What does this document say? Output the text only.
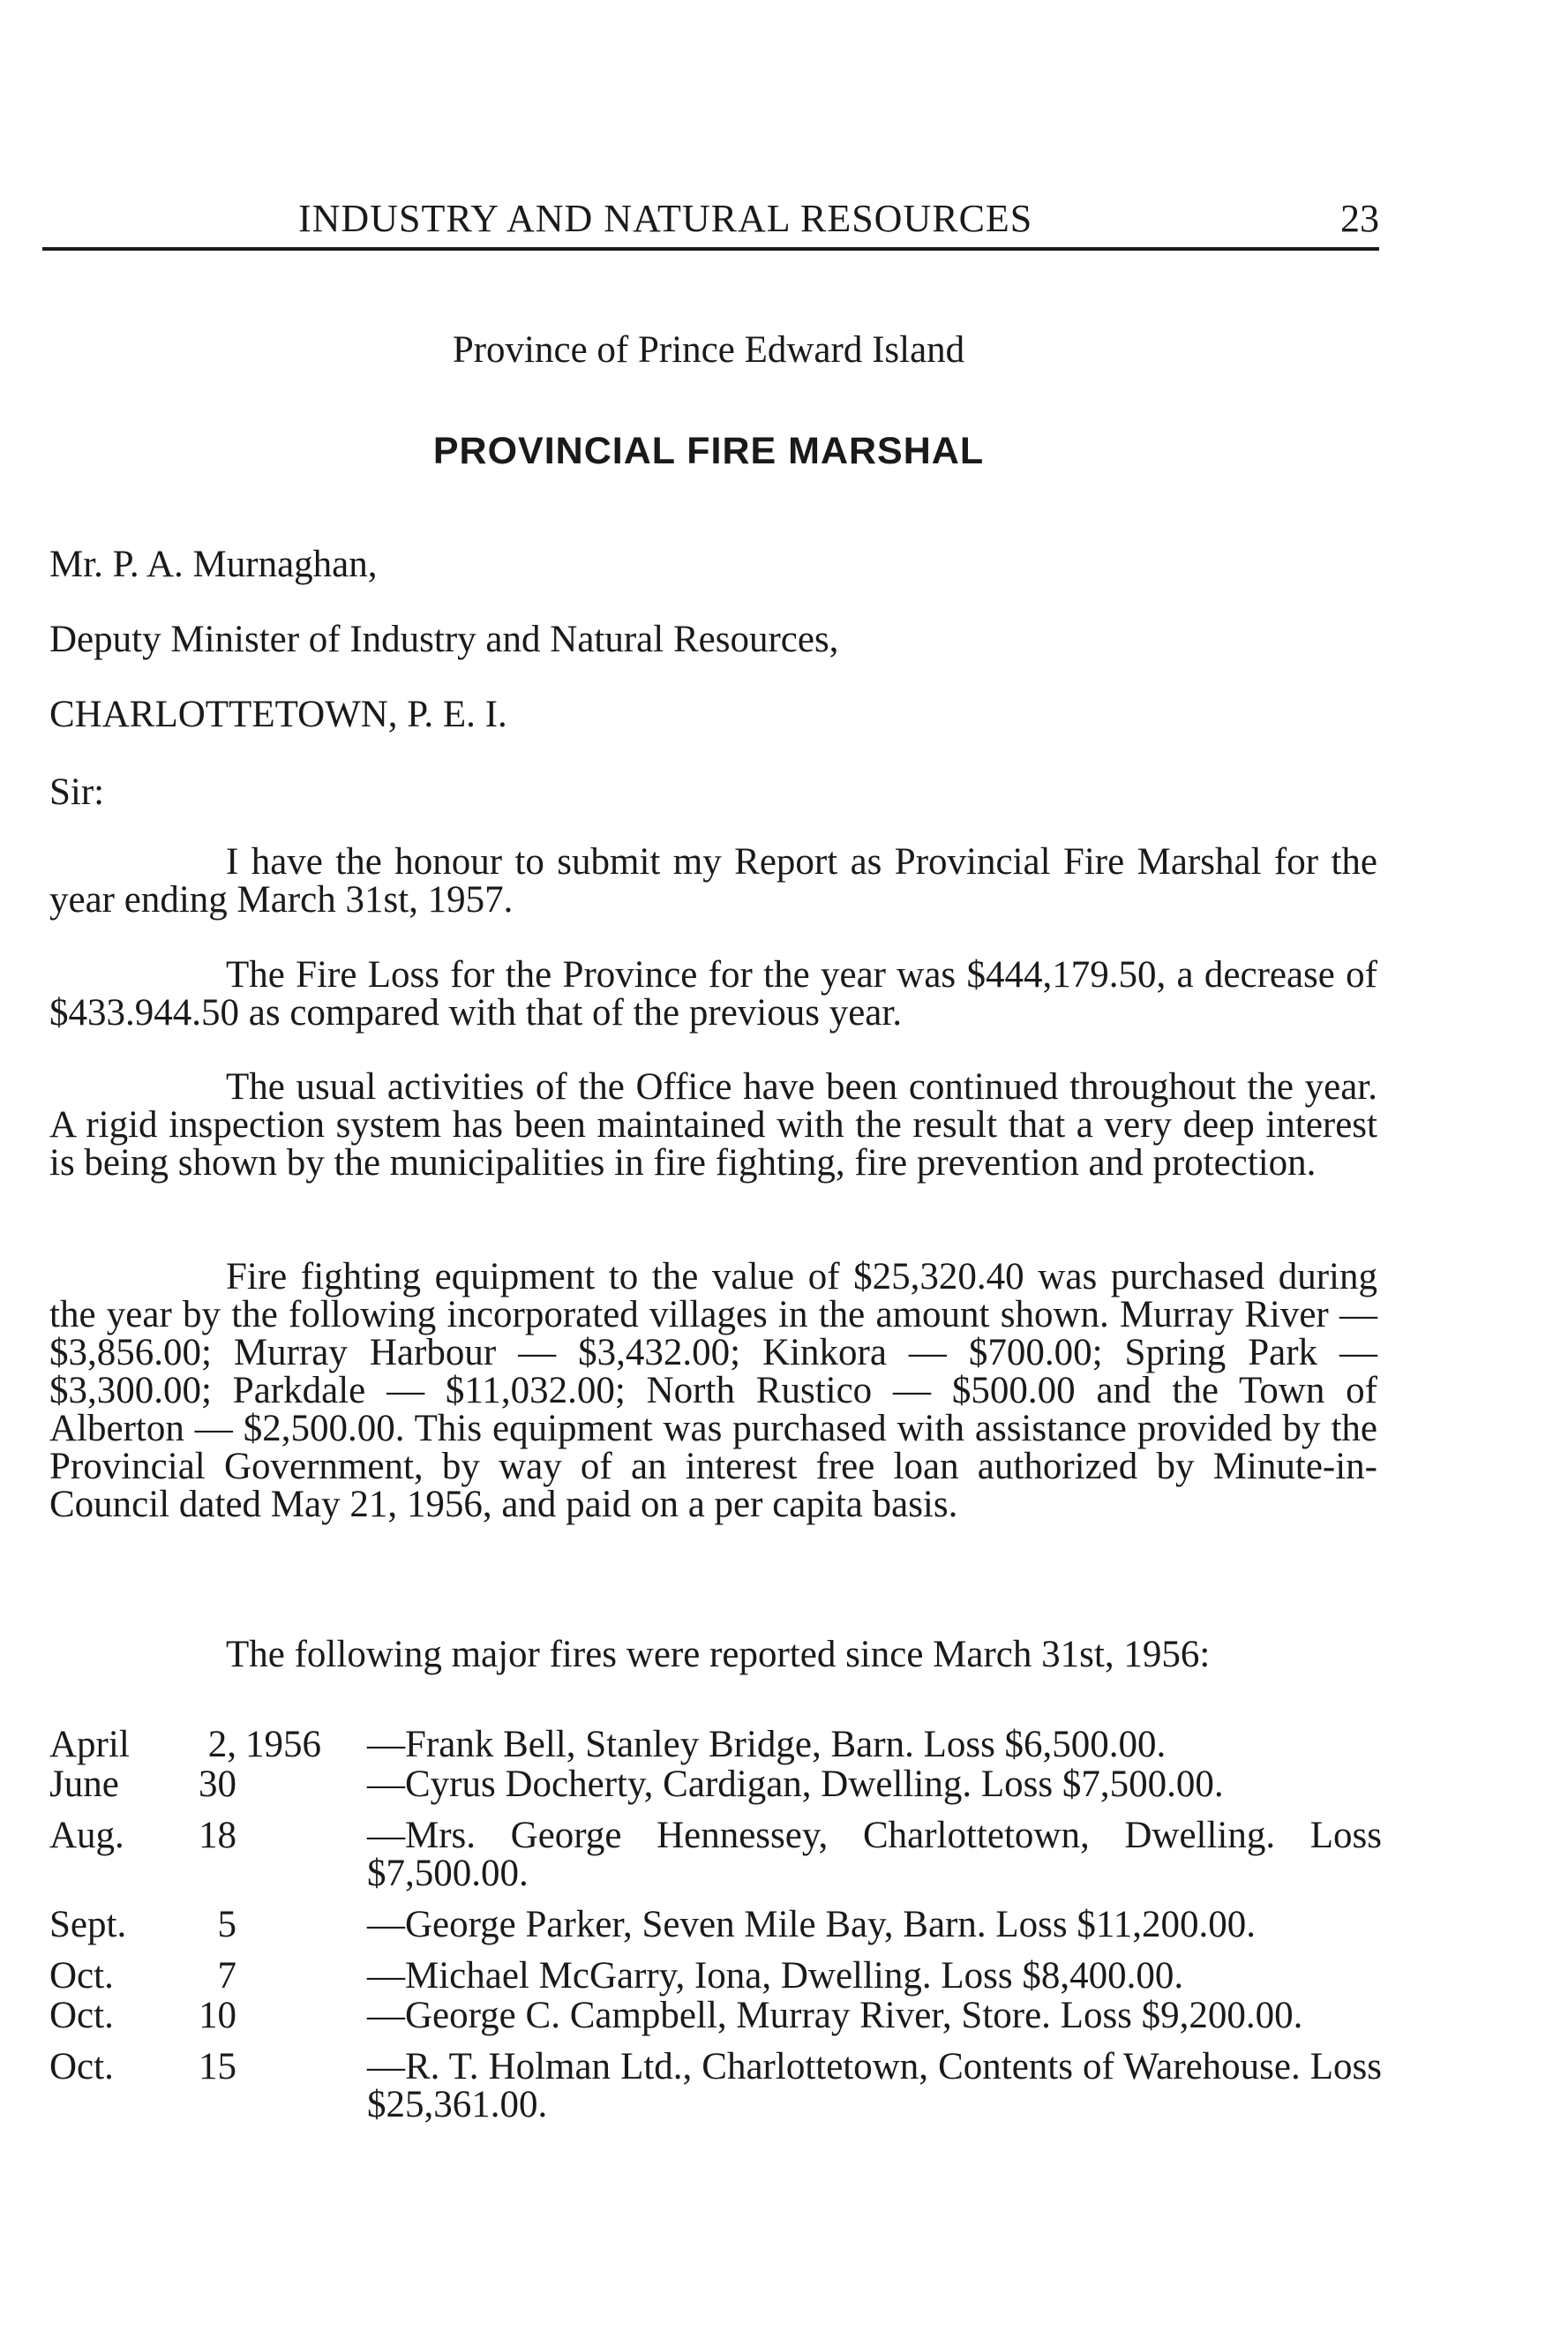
INDUSTRY AND NATURAL RESOURCES	23
Province of Prince Edward Island
PROVINCIAL FIRE MARSHAL
Mr. P. A. Murnaghan,
Deputy Minister of Industry and Natural Resources,
CHARLOTTETOWN, P. E. I.
Sir:

I have the honour to submit my Report as Provincial Fire Marshal for the year ending March 31st, 1957.

The Fire Loss for the Province for the year was $444,179.50, a decrease of $433.944.50 as compared with that of the previous year.

The usual activities of the Office have been continued throughout the year. A rigid inspection system has been maintained with the result that a very deep interest is being shown by the municipalities in fire fighting, fire prevention and protection.

Fire fighting equipment to the value of $25,320.40 was purchased during the year by the following incorporated villages in the amount shown. Murray River — $3,856.00; Murray Harbour — $3,432.00; Kinkora — $700.00; Spring Park — $3,300.00; Parkdale — $11,032.00; North Rustico — $500.00 and the Town of Alberton — $2,500.00. This equipment was purchased with assistance provided by the Provincial Government, by way of an interest free loan authorized by Minute-in-Council dated May 21, 1956, and paid on a per capita basis.

The following major fires were reported since March 31st, 1956:

April	2, 1956	—Frank Bell, Stanley Bridge, Barn. Loss $6,500.00.
June	30	—Cyrus Docherty, Cardigan, Dwelling. Loss $7,500.00.
Aug.	18	—Mrs. George Hennessey, Charlottetown, Dwelling. Loss $7,500.00.
Sept.	5	—George Parker, Seven Mile Bay, Barn. Loss $11,200.00.
Oct.	7	—Michael McGarry, Iona, Dwelling. Loss $8,400.00.
Oct.	10	—George C. Campbell, Murray River, Store. Loss $9,200.00.
Oct.	15	—R. T. Holman Ltd., Charlottetown, Contents of Warehouse. Loss $25,361.00.
